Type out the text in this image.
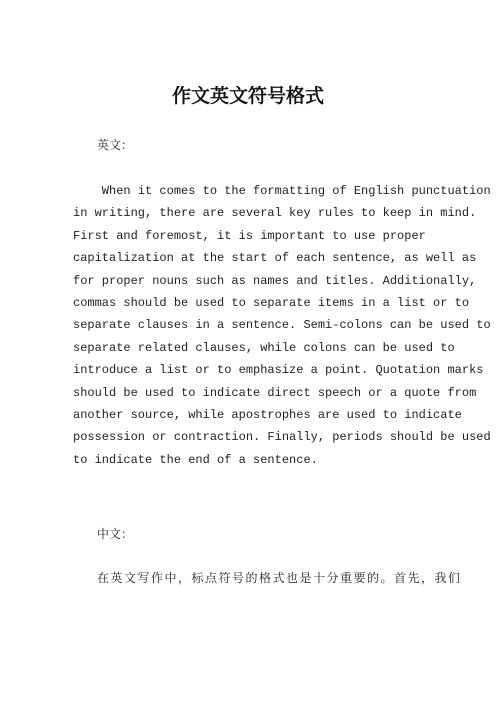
作文英文符号格式

英文：

When it comes to the formatting of English punctuation
in writing, there are several key rules to keep in mind.
First and foremost, it is important to use proper
capitalization at the start of each sentence, as well as
for proper nouns such as names and titles. Additionally,
commas should be used to separate items in a list or to
separate clauses in a sentence. Semi-colons can be used to
separate related clauses, while colons can be used to
introduce a list or to emphasize a point. Quotation marks
should be used to indicate direct speech or a quote from
another source, while apostrophes are used to indicate
possession or contraction. Finally, periods should be used
to indicate the end of a sentence.

中文：

在英文写作中，标点符号的格式也是十分重要的。首先，我们
